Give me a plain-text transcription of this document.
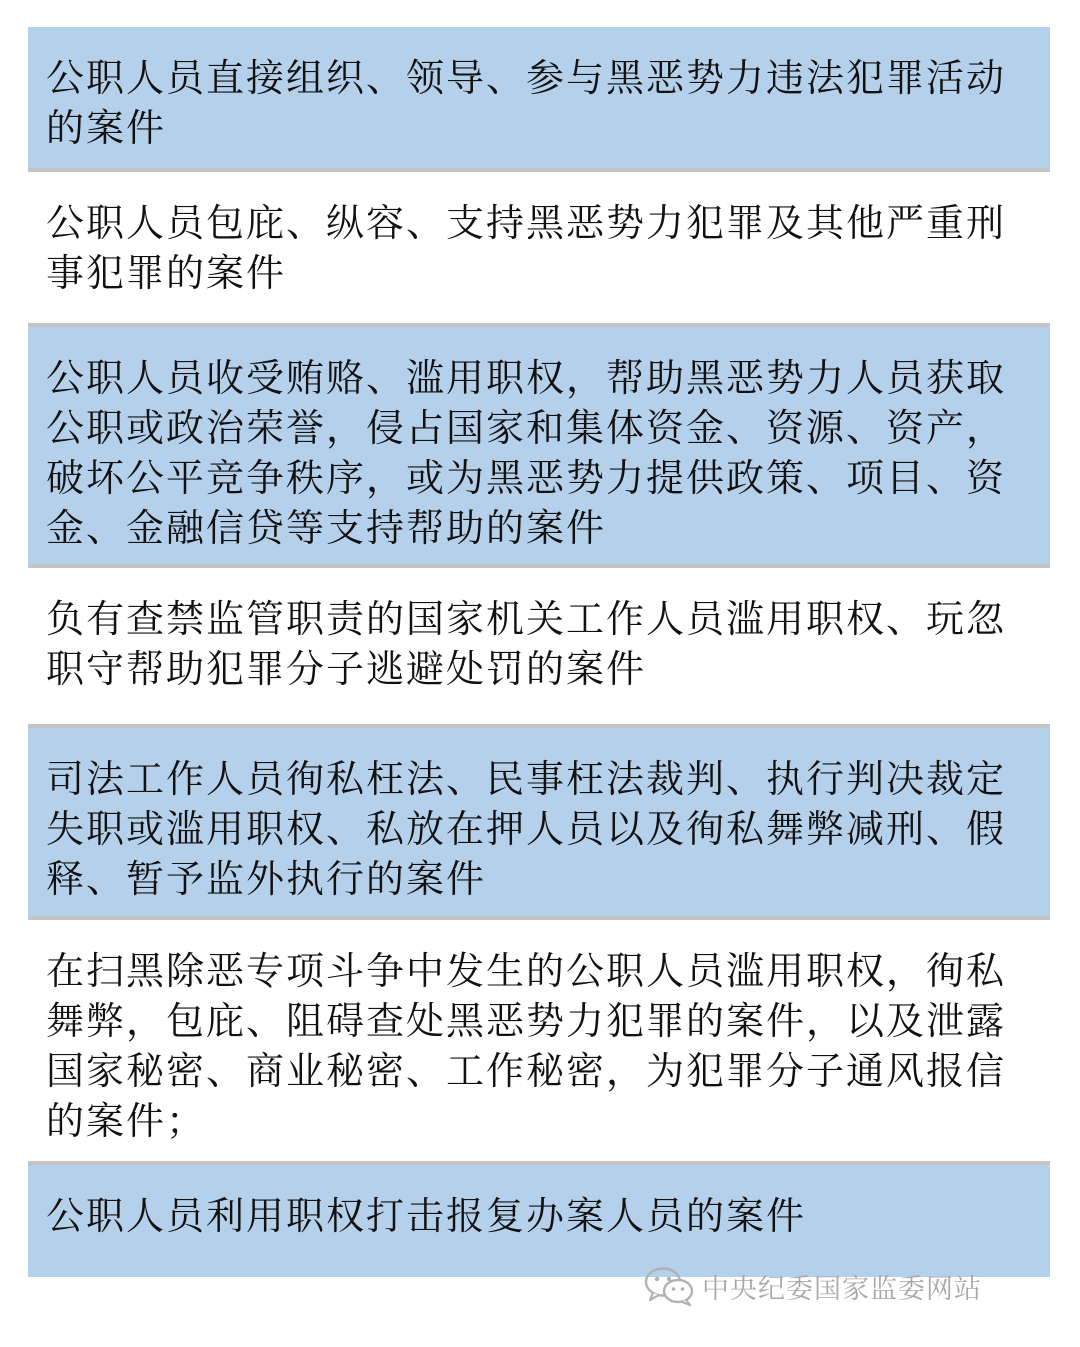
公职人员直接组织、领导、参与黑恶势力违法犯罪活动的案件
公职人员包庇、纵容、支持黑恶势力犯罪及其他严重刑事犯罪的案件
公职人员收受贿赂、滥用职权，帮助黑恶势力人员获取公职或政治荣誉，侵占国家和集体资金、资源、资产，破坏公平竞争秩序，或为黑恶势力提供政策、项目、资金、金融信贷等支持帮助的案件
负有查禁监管职责的国家机关工作人员滥用职权、玩忽职守帮助犯罪分子逃避处罚的案件
司法工作人员徇私枉法、民事枉法裁判、执行判决裁定失职或滥用职权、私放在押人员以及徇私舞弊减刑、假释、暂予监外执行的案件
在扫黑除恶专项斗争中发生的公职人员滥用职权，徇私舞弊，包庇、阻碍查处黑恶势力犯罪的案件，以及泄露国家秘密、商业秘密、工作秘密，为犯罪分子通风报信的案件；
公职人员利用职权打击报复办案人员的案件
中央纪委国家监委网站
